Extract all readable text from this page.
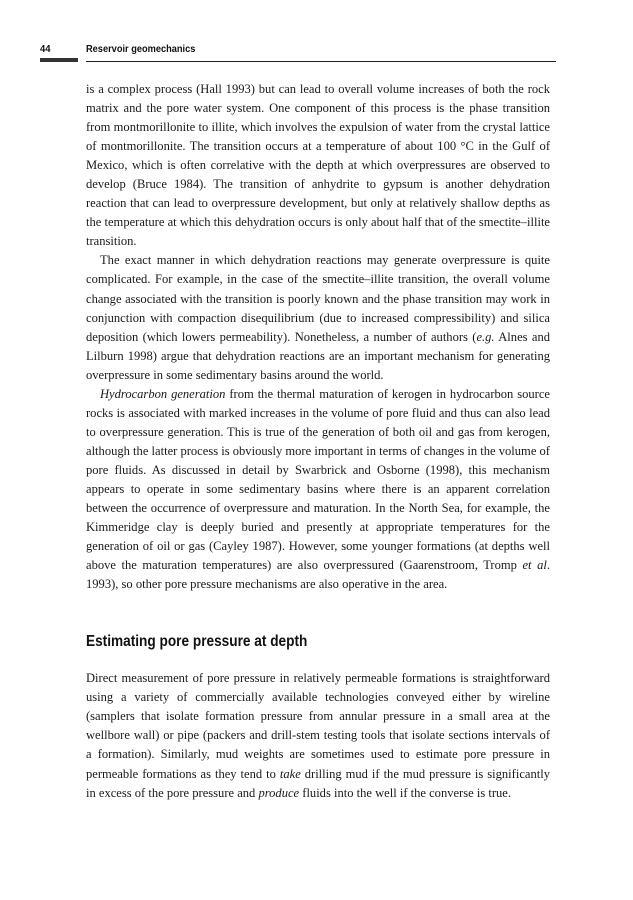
44	Reservoir geomechanics

is a complex process (Hall 1993) but can lead to overall volume increases of both the rock matrix and the pore water system. One component of this process is the phase transition from montmorillonite to illite, which involves the expulsion of water from the crystal lattice of montmorillonite. The transition occurs at a temperature of about 100 °C in the Gulf of Mexico, which is often correlative with the depth at which overpressures are observed to develop (Bruce 1984). The transition of anhydrite to gypsum is another dehydration reaction that can lead to overpressure development, but only at relatively shallow depths as the temperature at which this dehydration occurs is only about half that of the smectite–illite transition.

The exact manner in which dehydration reactions may generate overpressure is quite complicated. For example, in the case of the smectite–illite transition, the overall volume change associated with the transition is poorly known and the phase transition may work in conjunction with compaction disequilibrium (due to increased compressibility) and silica deposition (which lowers permeability). Nonetheless, a number of authors (e.g. Alnes and Lilburn 1998) argue that dehydration reactions are an important mechanism for generating overpressure in some sedimentary basins around the world.

Hydrocarbon generation from the thermal maturation of kerogen in hydrocarbon source rocks is associated with marked increases in the volume of pore fluid and thus can also lead to overpressure generation. This is true of the generation of both oil and gas from kerogen, although the latter process is obviously more important in terms of changes in the volume of pore fluids. As discussed in detail by Swarbrick and Osborne (1998), this mechanism appears to operate in some sedimentary basins where there is an apparent correlation between the occurrence of overpressure and maturation. In the North Sea, for example, the Kimmeridge clay is deeply buried and presently at appropriate temperatures for the generation of oil or gas (Cayley 1987). However, some younger formations (at depths well above the maturation temperatures) are also overpressured (Gaarenstroom, Tromp et al. 1993), so other pore pressure mechanisms are also operative in the area.

Estimating pore pressure at depth

Direct measurement of pore pressure in relatively permeable formations is straightforward using a variety of commercially available technologies conveyed either by wireline (samplers that isolate formation pressure from annular pressure in a small area at the wellbore wall) or pipe (packers and drill-stem testing tools that isolate sections intervals of a formation). Similarly, mud weights are sometimes used to estimate pore pressure in permeable formations as they tend to take drilling mud if the mud pressure is significantly in excess of the pore pressure and produce fluids into the well if the converse is true.
